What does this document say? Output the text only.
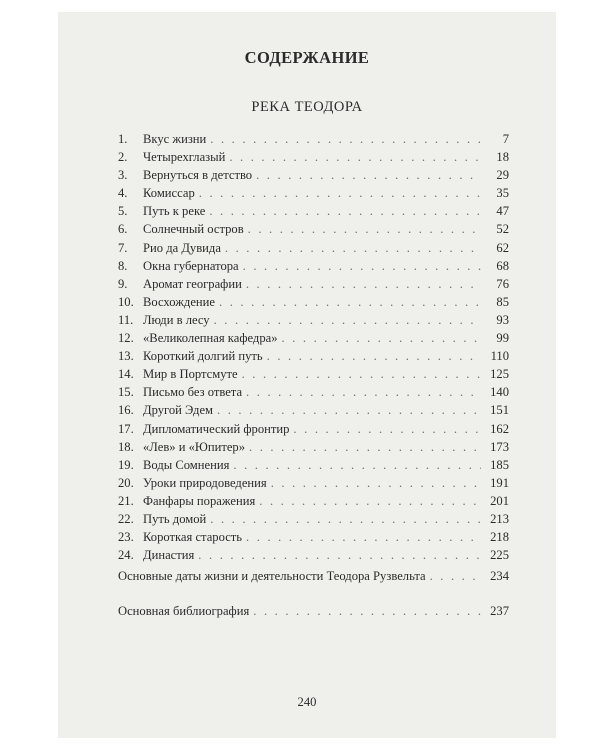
СОДЕРЖАНИЕ
РЕКА ТЕОДОРА
1.	Вкус жизни . . .	7
2.	Четырехглазый . . .	18
3.	Вернуться в детство . . .	29
4.	Комиссар . . .	35
5.	Путь к реке . . .	47
6.	Солнечный остров . . .	52
7.	Рио да Дувида . . .	62
8.	Окна губернатора . . .	68
9.	Аромат географии . . .	76
10. Восхождение . . .	85
11. Люди в лесу . . .	93
12. «Великолепная кафедра» . . .	99
13. Короткий долгий путь . . .	110
14. Мир в Портсмуте . . .	125
15. Письмо без ответа . . .	140
16. Другой Эдем . . .	151
17. Дипломатический фронтир . . .	162
18. «Лев» и «Юпитер» . . .	173
19. Воды Сомнения . . .	185
20. Уроки природоведения . . .	191
21. Фанфары поражения . . .	201
22. Путь домой . . .	213
23. Короткая старость . . .	218
24. Династия . . .	225
Основные даты жизни и деятельности Теодора Рузвельта . . .	234
Основная библиография . . .	237
240
